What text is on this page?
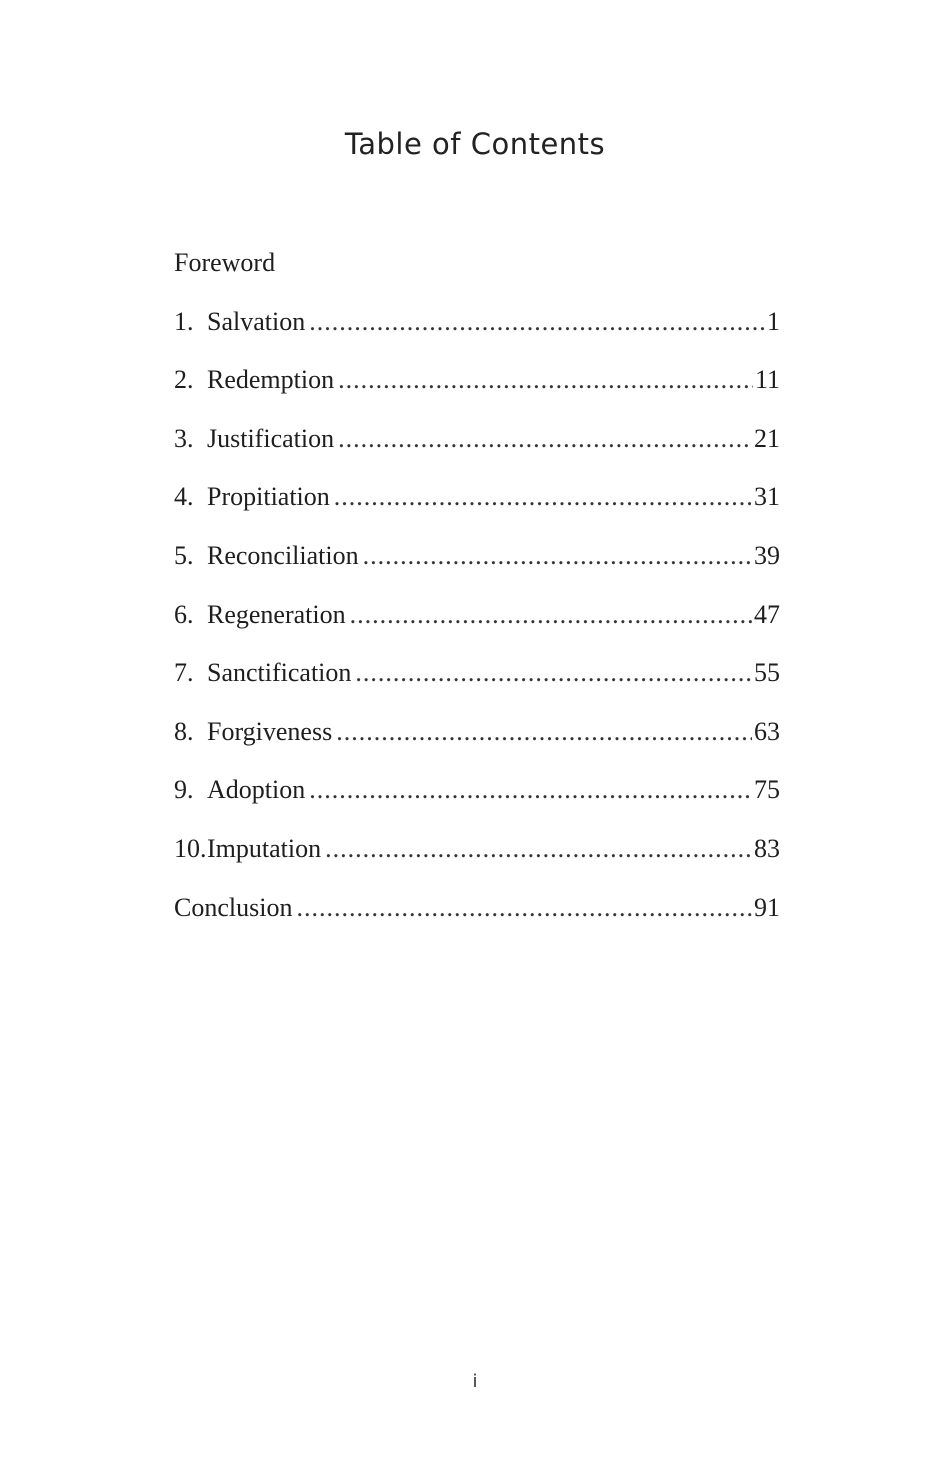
Table of Contents
Foreword
1. Salvation .....	1
2. Redemption .....	11
3. Justification .....	21
4. Propitiation .....	31
5. Reconciliation .....	39
6. Regeneration .....	47
7. Sanctification .....	55
8. Forgiveness .....	63
9. Adoption .....	75
10. Imputation .....	83
Conclusion .....	91
i
